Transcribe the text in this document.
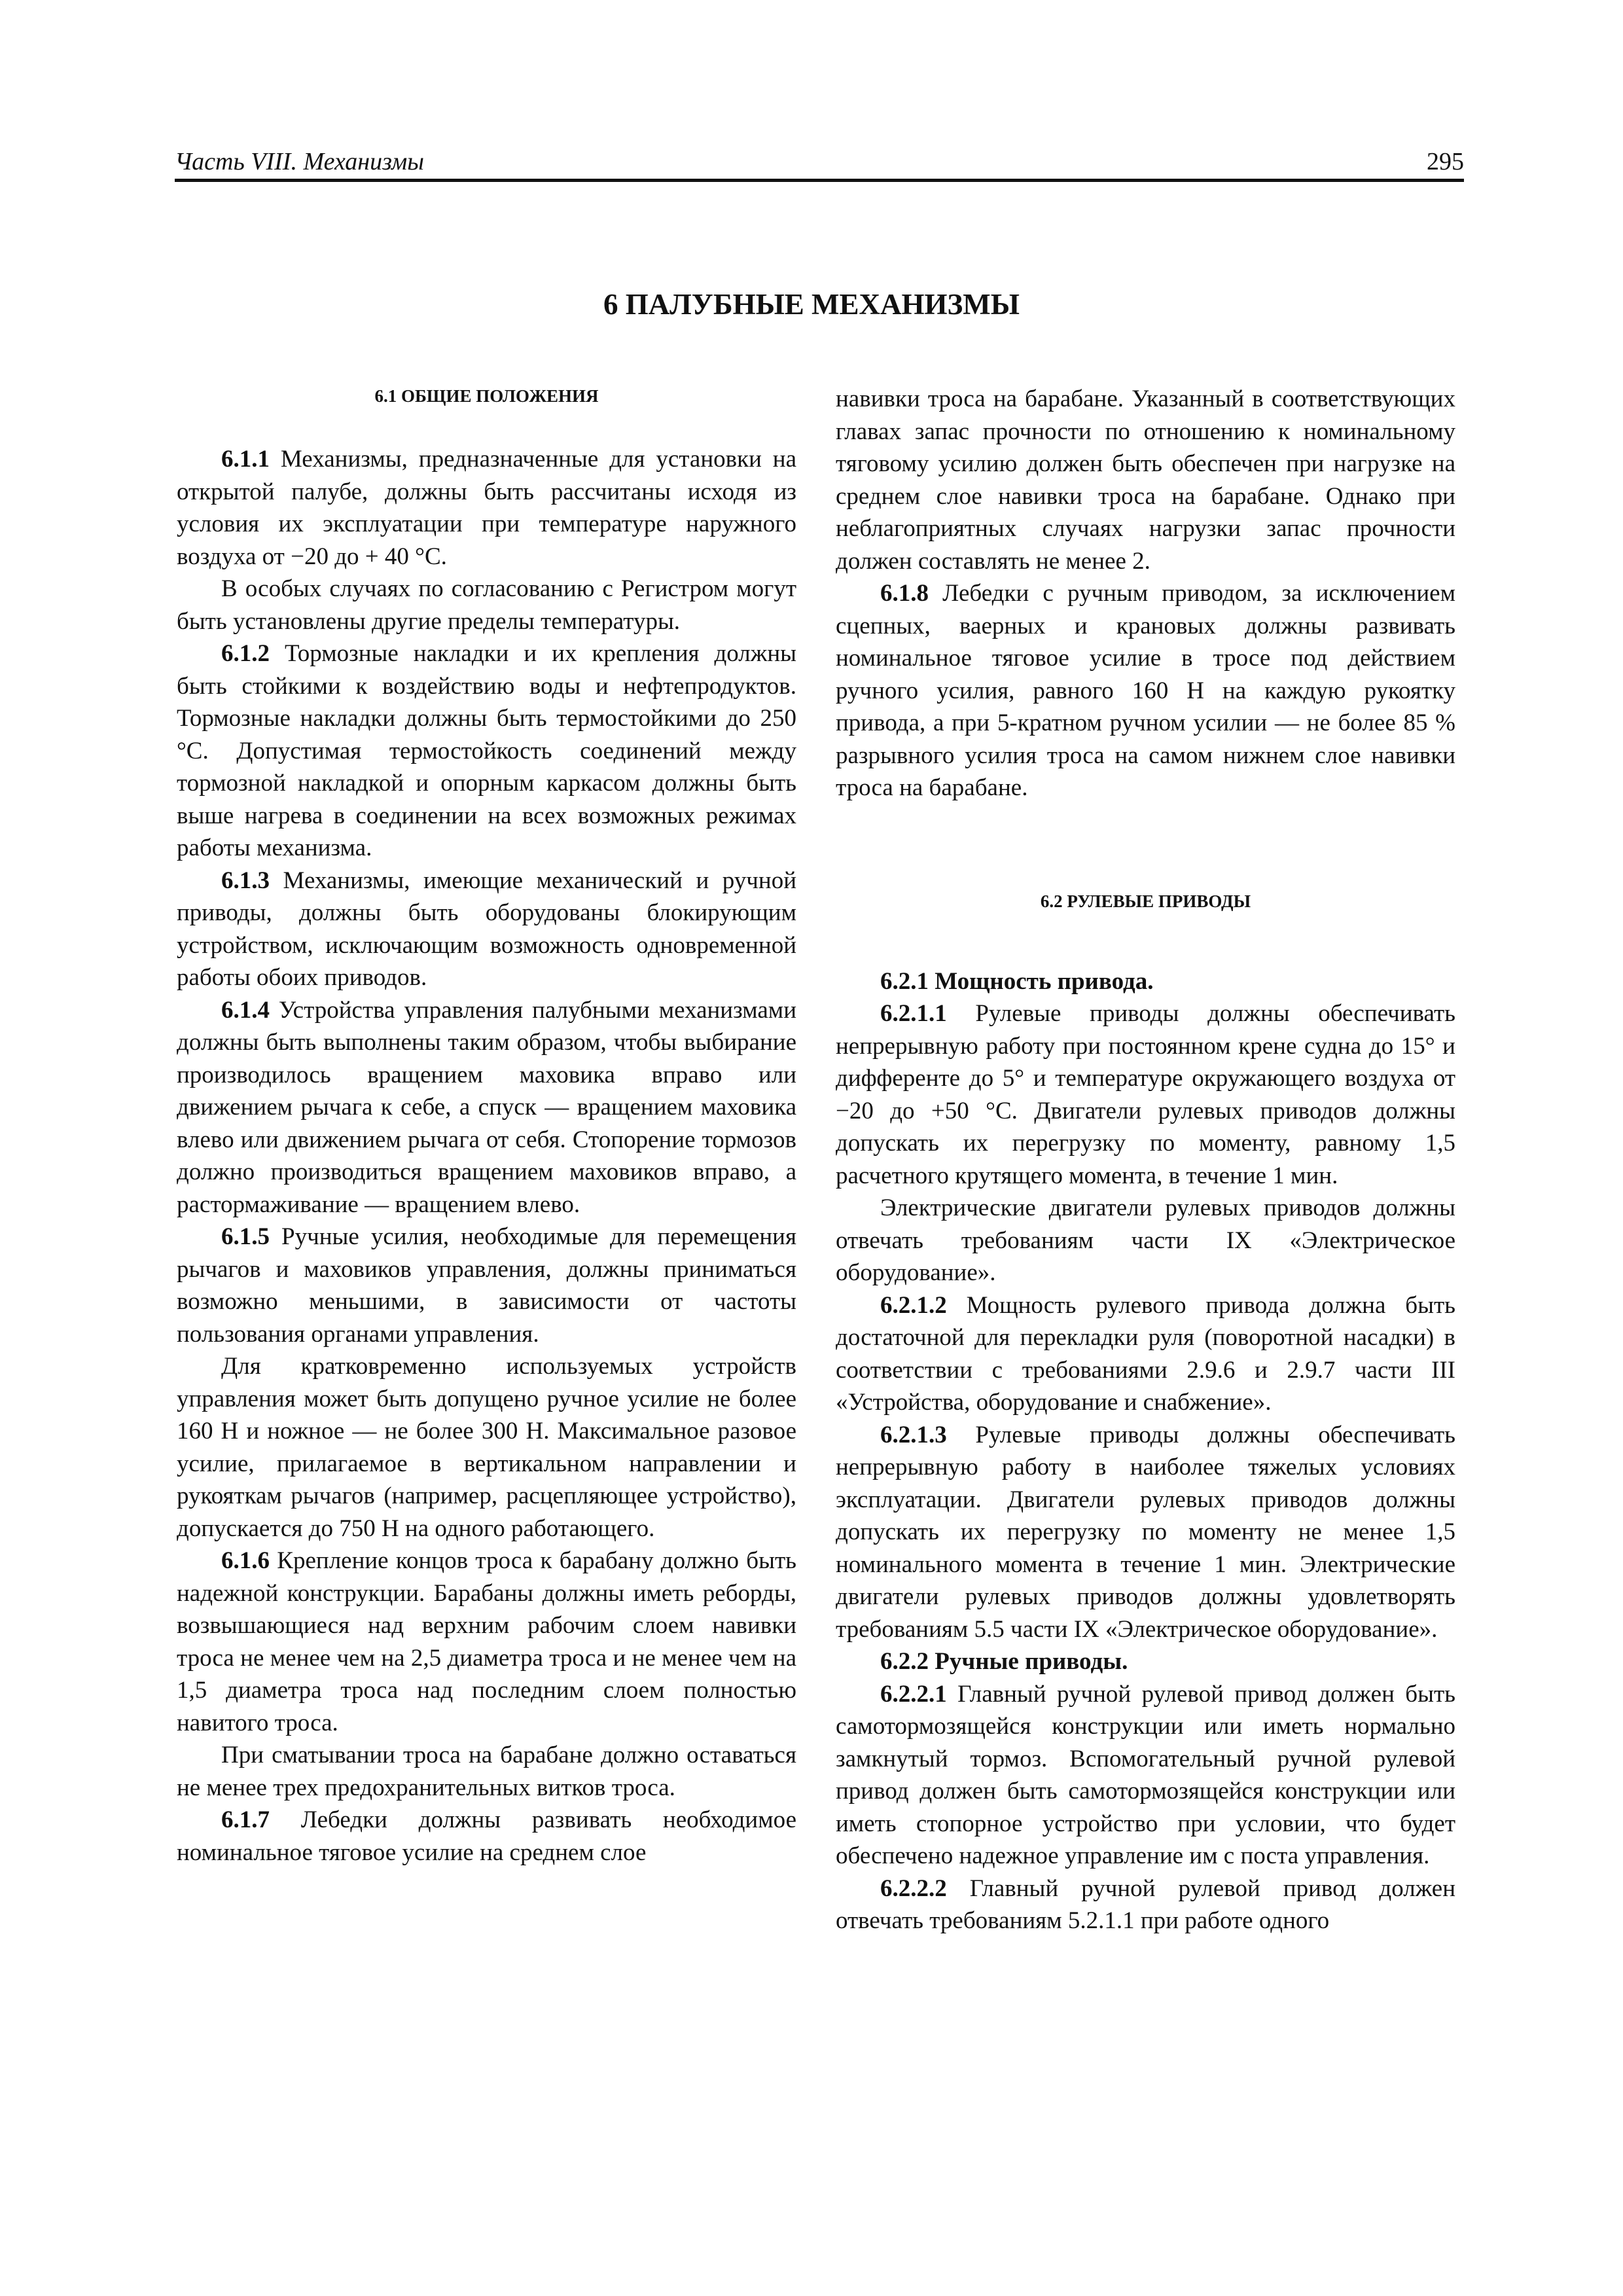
Часть VIII. Механизмы	295
6 ПАЛУБНЫЕ МЕХАНИЗМЫ
6.1 ОБЩИЕ ПОЛОЖЕНИЯ

6.1.1 Механизмы, предназначенные для установки на открытой палубе, должны быть рассчитаны исходя из условия их эксплуатации при температуре наружного воздуха от −20 до + 40 °С.

В особых случаях по согласованию с Регистром могут быть установлены другие пределы температуры.

6.1.2 Тормозные накладки и их крепления должны быть стойкими к воздействию воды и нефтепродуктов. Тормозные накладки должны быть термостойкими до 250 °С. Допустимая термостойкость соединений между тормозной накладкой и опорным каркасом должны быть выше нагрева в соединении на всех возможных режимах работы механизма.

6.1.3 Механизмы, имеющие механический и ручной приводы, должны быть оборудованы блокирующим устройством, исключающим возможность одновременной работы обоих приводов.

6.1.4 Устройства управления палубными механизмами должны быть выполнены таким образом, чтобы выбирание производилось вращением маховика вправо или движением рычага к себе, а спуск — вращением маховика влево или движением рычага от себя. Стопорение тормозов должно производиться вращением маховиков вправо, а растормаживание — вращением влево.

6.1.5 Ручные усилия, необходимые для перемещения рычагов и маховиков управления, должны приниматься возможно меньшими, в зависимости от частоты пользования органами управления.

Для кратковременно используемых устройств управления может быть допущено ручное усилие не более 160 Н и ножное — не более 300 Н. Максимальное разовое усилие, прилагаемое в вертикальном направлении и рукояткам рычагов (например, расцепляющее устройство), допускается до 750 Н на одного работающего.

6.1.6 Крепление концов троса к барабану должно быть надежной конструкции. Барабаны должны иметь реборды, возвышающиеся над верхним рабочим слоем навивки троса не менее чем на 2,5 диаметра троса и не менее чем на 1,5 диаметра троса над последним слоем полностью навитого троса.

При сматывании троса на барабане должно оставаться не менее трех предохранительных витков троса.

6.1.7 Лебедки должны развивать необходимое номинальное тяговое усилие на среднем слое

навивки троса на барабане. Указанный в соответствующих главах запас прочности по отношению к номинальному тяговому усилию должен быть обеспечен при нагрузке на среднем слое навивки троса на барабане. Однако при неблагоприятных случаях нагрузки запас прочности должен составлять не менее 2.

6.1.8 Лебедки с ручным приводом, за исключением сцепных, ваерных и крановых должны развивать номинальное тяговое усилие в тросе под действием ручного усилия, равного 160 Н на каждую рукоятку привода, а при 5-кратном ручном усилии — не более 85 % разрывного усилия троса на самом нижнем слое навивки троса на барабане.

6.2 РУЛЕВЫЕ ПРИВОДЫ

6.2.1 Мощность привода.

6.2.1.1 Рулевые приводы должны обеспечивать непрерывную работу при постоянном крене судна до 15° и дифференте до 5° и температуре окружающего воздуха от −20 до +50 °С. Двигатели рулевых приводов должны допускать их перегрузку по моменту, равному 1,5 расчетного крутящего момента, в течение 1 мин.

Электрические двигатели рулевых приводов должны отвечать требованиям части IX «Электрическое оборудование».

6.2.1.2 Мощность рулевого привода должна быть достаточной для перекладки руля (поворотной насадки) в соответствии с требованиями 2.9.6 и 2.9.7 части III «Устройства, оборудование и снабжение».

6.2.1.3 Рулевые приводы должны обеспечивать непрерывную работу в наиболее тяжелых условиях эксплуатации. Двигатели рулевых приводов должны допускать их перегрузку по моменту не менее 1,5 номинального момента в течение 1 мин. Электрические двигатели рулевых приводов должны удовлетворять требованиям 5.5 части IX «Электрическое оборудование».

6.2.2 Ручные приводы.

6.2.2.1 Главный ручной рулевой привод должен быть самотормозящейся конструкции или иметь нормально замкнутый тормоз. Вспомогательный ручной рулевой привод должен быть самотормозящейся конструкции или иметь стопорное устройство при условии, что будет обеспечено надежное управление им с поста управления.

6.2.2.2 Главный ручной рулевой привод должен отвечать требованиям 5.2.1.1 при работе одного
